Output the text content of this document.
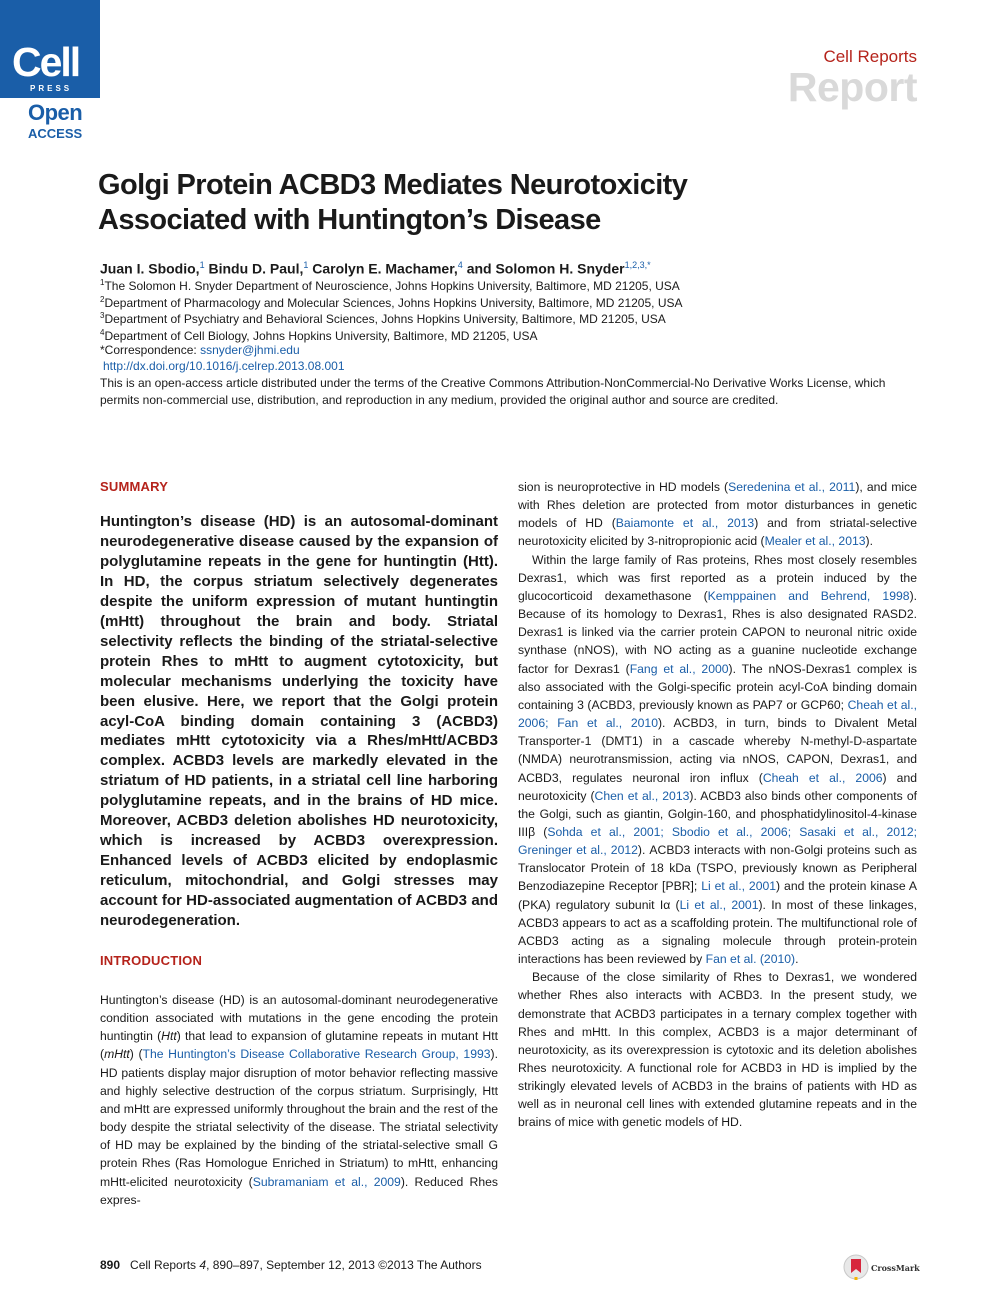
Cell
PRESS
Open
ACCESS
Cell Reports
Report
Golgi Protein ACBD3 Mediates Neurotoxicity
Associated with Huntington’s Disease
Juan I. Sbodio,$^1$ Bindu D. Paul,$^1$ Carolyn E. Machamer,$^4$ and Solomon H. Snyder$^{1,2,3,*}$
$^1$The Solomon H. Snyder Department of Neuroscience, Johns Hopkins University, Baltimore, MD 21205, USA
$^2$Department of Pharmacology and Molecular Sciences, Johns Hopkins University, Baltimore, MD 21205, USA
$^3$Department of Psychiatry and Behavioral Sciences, Johns Hopkins University, Baltimore, MD 21205, USA
$^4$Department of Cell Biology, Johns Hopkins University, Baltimore, MD 21205, USA
*Correspondence: ssnyder@jhmi.edu
http://dx.doi.org/10.1016/j.celrep.2013.08.001
This is an open-access article distributed under the terms of the Creative Commons Attribution-NonCommercial-No Derivative Works License, which permits non-commercial use, distribution, and reproduction in any medium, provided the original author and source are credited.
SUMMARY
Huntington’s disease (HD) is an autosomal-dominant neurodegenerative disease caused by the expansion of polyglutamine repeats in the gene for huntingtin (Htt). In HD, the corpus striatum selectively degenerates despite the uniform expression of mutant huntingtin (mHtt) throughout the brain and body. Striatal selectivity reflects the binding of the striatal-selective protein Rhes to mHtt to augment cytotoxicity, but molecular mechanisms underlying the toxicity have been elusive. Here, we report that the Golgi protein acyl-CoA binding domain containing 3 (ACBD3) mediates mHtt cytotoxicity via a Rhes/mHtt/ACBD3 complex. ACBD3 levels are markedly elevated in the striatum of HD patients, in a striatal cell line harboring polyglutamine repeats, and in the brains of HD mice. Moreover, ACBD3 deletion abolishes HD neurotoxicity, which is increased by ACBD3 overexpression. Enhanced levels of ACBD3 elicited by endoplasmic reticulum, mitochondrial, and Golgi stresses may account for HD-associated augmentation of ACBD3 and neurodegeneration.
INTRODUCTION

Huntington’s disease (HD) is an autosomal-dominant neurodegenerative condition associated with mutations in the gene encoding the protein huntingtin (Htt) that lead to expansion of glutamine repeats in mutant Htt (mHtt) (The Huntington’s Disease Collaborative Research Group, 1993). HD patients display major disruption of motor behavior reflecting massive and highly selective destruction of the corpus striatum. Surprisingly, Htt and mHtt are expressed uniformly throughout the brain and the rest of the body despite the striatal selectivity of the disease. The striatal selectivity of HD may be explained by the binding of the striatal-selective small G protein Rhes (Ras Homologue Enriched in Striatum) to mHtt, enhancing mHtt-elicited neurotoxicity (Subramaniam et al., 2009). Reduced Rhes expres-

sion is neuroprotective in HD models (Seredenina et al., 2011), and mice with Rhes deletion are protected from motor disturbances in genetic models of HD (Baiamonte et al., 2013) and from striatal-selective neurotoxicity elicited by 3-nitropropionic acid (Mealer et al., 2013).

Within the large family of Ras proteins, Rhes most closely resembles Dexras1, which was first reported as a protein induced by the glucocorticoid dexamethasone (Kemppainen and Behrend, 1998). Because of its homology to Dexras1, Rhes is also designated RASD2. Dexras1 is linked via the carrier protein CAPON to neuronal nitric oxide synthase (nNOS), with NO acting as a guanine nucleotide exchange factor for Dexras1 (Fang et al., 2000). The nNOS-Dexras1 complex is also associated with the Golgi-specific protein acyl-CoA binding domain containing 3 (ACBD3, previously known as PAP7 or GCP60; Cheah et al., 2006; Fan et al., 2010). ACBD3, in turn, binds to Divalent Metal Transporter-1 (DMT1) in a cascade whereby N-methyl-D-aspartate (NMDA) neurotransmission, acting via nNOS, CAPON, Dexras1, and ACBD3, regulates neuronal iron influx (Cheah et al., 2006) and neurotoxicity (Chen et al., 2013). ACBD3 also binds other components of the Golgi, such as giantin, Golgin-160, and phosphatidylinositol-4-kinase IIIβ (Sohda et al., 2001; Sbodio et al., 2006; Sasaki et al., 2012; Greninger et al., 2012). ACBD3 interacts with non-Golgi proteins such as Translocator Protein of 18 kDa (TSPO, previously known as Peripheral Benzodiazepine Receptor [PBR]; Li et al., 2001) and the protein kinase A (PKA) regulatory subunit Iα (Li et al., 2001). In most of these linkages, ACBD3 appears to act as a scaffolding protein. The multifunctional role of ACBD3 acting as a signaling molecule through protein-protein interactions has been reviewed by Fan et al. (2010).

Because of the close similarity of Rhes to Dexras1, we wondered whether Rhes also interacts with ACBD3. In the present study, we demonstrate that ACBD3 participates in a ternary complex together with Rhes and mHtt. In this complex, ACBD3 is a major determinant of neurotoxicity, as its overexpression is cytotoxic and its deletion abolishes Rhes neurotoxicity. A functional role for ACBD3 in HD is implied by the strikingly elevated levels of ACBD3 in the brains of patients with HD as well as in neuronal cell lines with extended glutamine repeats and in the brains of mice with genetic models of HD.

890 Cell Reports 4, 890–897, September 12, 2013 ©2013 The Authors	CrossMark
